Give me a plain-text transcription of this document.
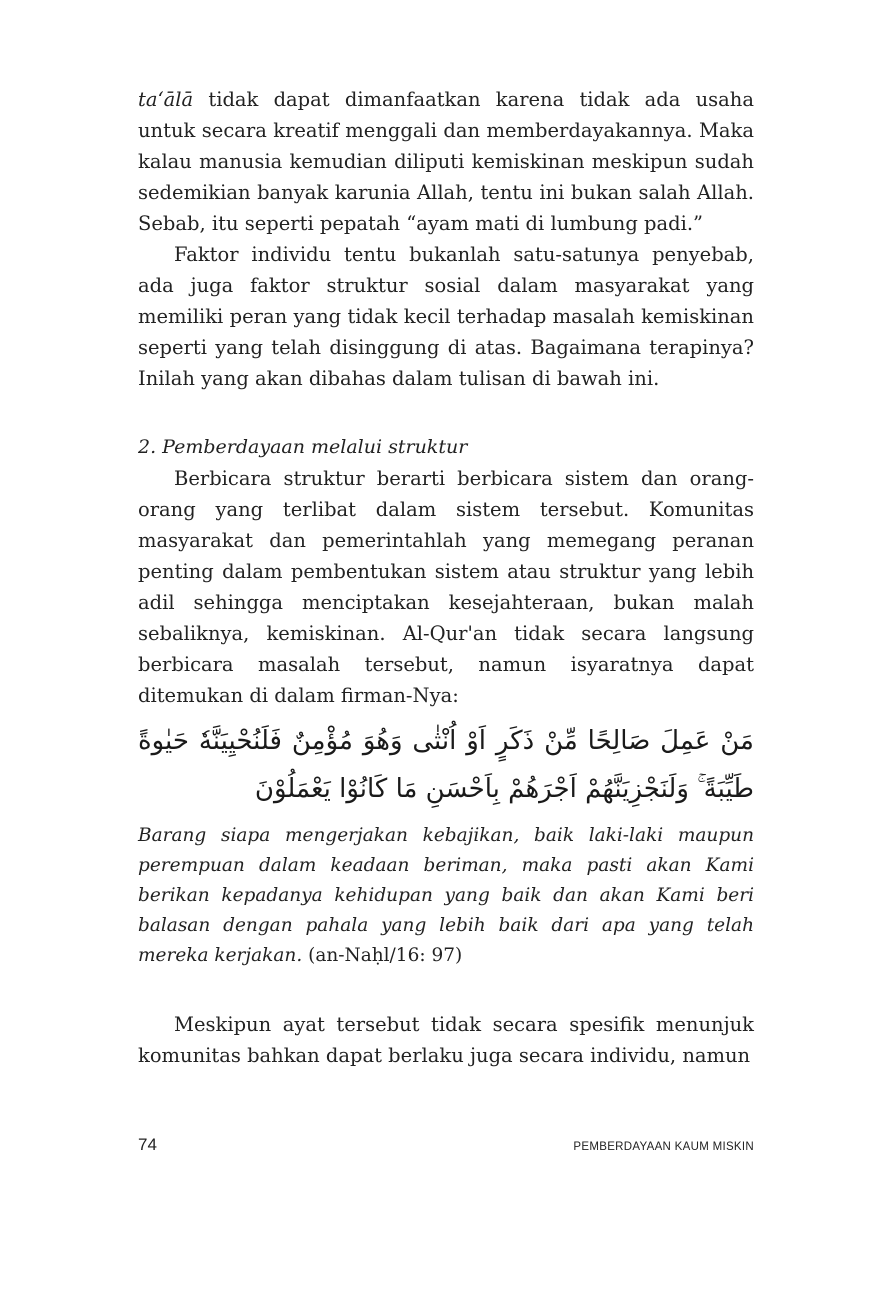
ta‘ālā tidak dapat dimanfaatkan karena tidak ada usaha untuk secara kreatif menggali dan memberdayakannya. Maka kalau manusia kemudian diliputi kemiskinan meskipun sudah sedemikian banyak karunia Allah, tentu ini bukan salah Allah. Sebab, itu seperti pepatah “ayam mati di lumbung padi.”

Faktor individu tentu bukanlah satu-satunya penyebab, ada juga faktor struktur sosial dalam masyarakat yang memiliki peran yang tidak kecil terhadap masalah kemiskinan seperti yang telah disinggung di atas. Bagaimana terapinya? Inilah yang akan dibahas dalam tulisan di bawah ini.

2. Pemberdayaan melalui struktur

Berbicara struktur berarti berbicara sistem dan orang-orang yang terlibat dalam sistem tersebut. Komunitas masyarakat dan pemerintahlah yang memegang peranan penting dalam pembentukan sistem atau struktur yang lebih adil sehingga menciptakan kesejahteraan, bukan malah sebaliknya, kemiskinan. Al-Qur'an tidak secara langsung berbicara masalah tersebut, namun isyaratnya dapat ditemukan di dalam firman-Nya:

مَنْ عَمِلَ صَالِحًا مِّنْ ذَكَرٍ اَوْ اُنْثٰى وَهُوَ مُؤْمِنٌ فَلَنُحْيِيَنَّهٗ حَيٰوةً طَيِّبَةً ۚ وَلَنَجْزِيَنَّهُمْ اَجْرَهُمْ بِاَحْسَنِ مَا كَانُوْا يَعْمَلُوْنَ

Barang siapa mengerjakan kebajikan, baik laki-laki maupun perempuan dalam keadaan beriman, maka pasti akan Kami berikan kepadanya kehidupan yang baik dan akan Kami beri balasan dengan pahala yang lebih baik dari apa yang telah mereka kerjakan. (an-Naḥl/16: 97)

Meskipun ayat tersebut tidak secara spesifik menunjuk komunitas bahkan dapat berlaku juga secara individu, namun

74	PEMBERDAYAAN KAUM MISKIN
